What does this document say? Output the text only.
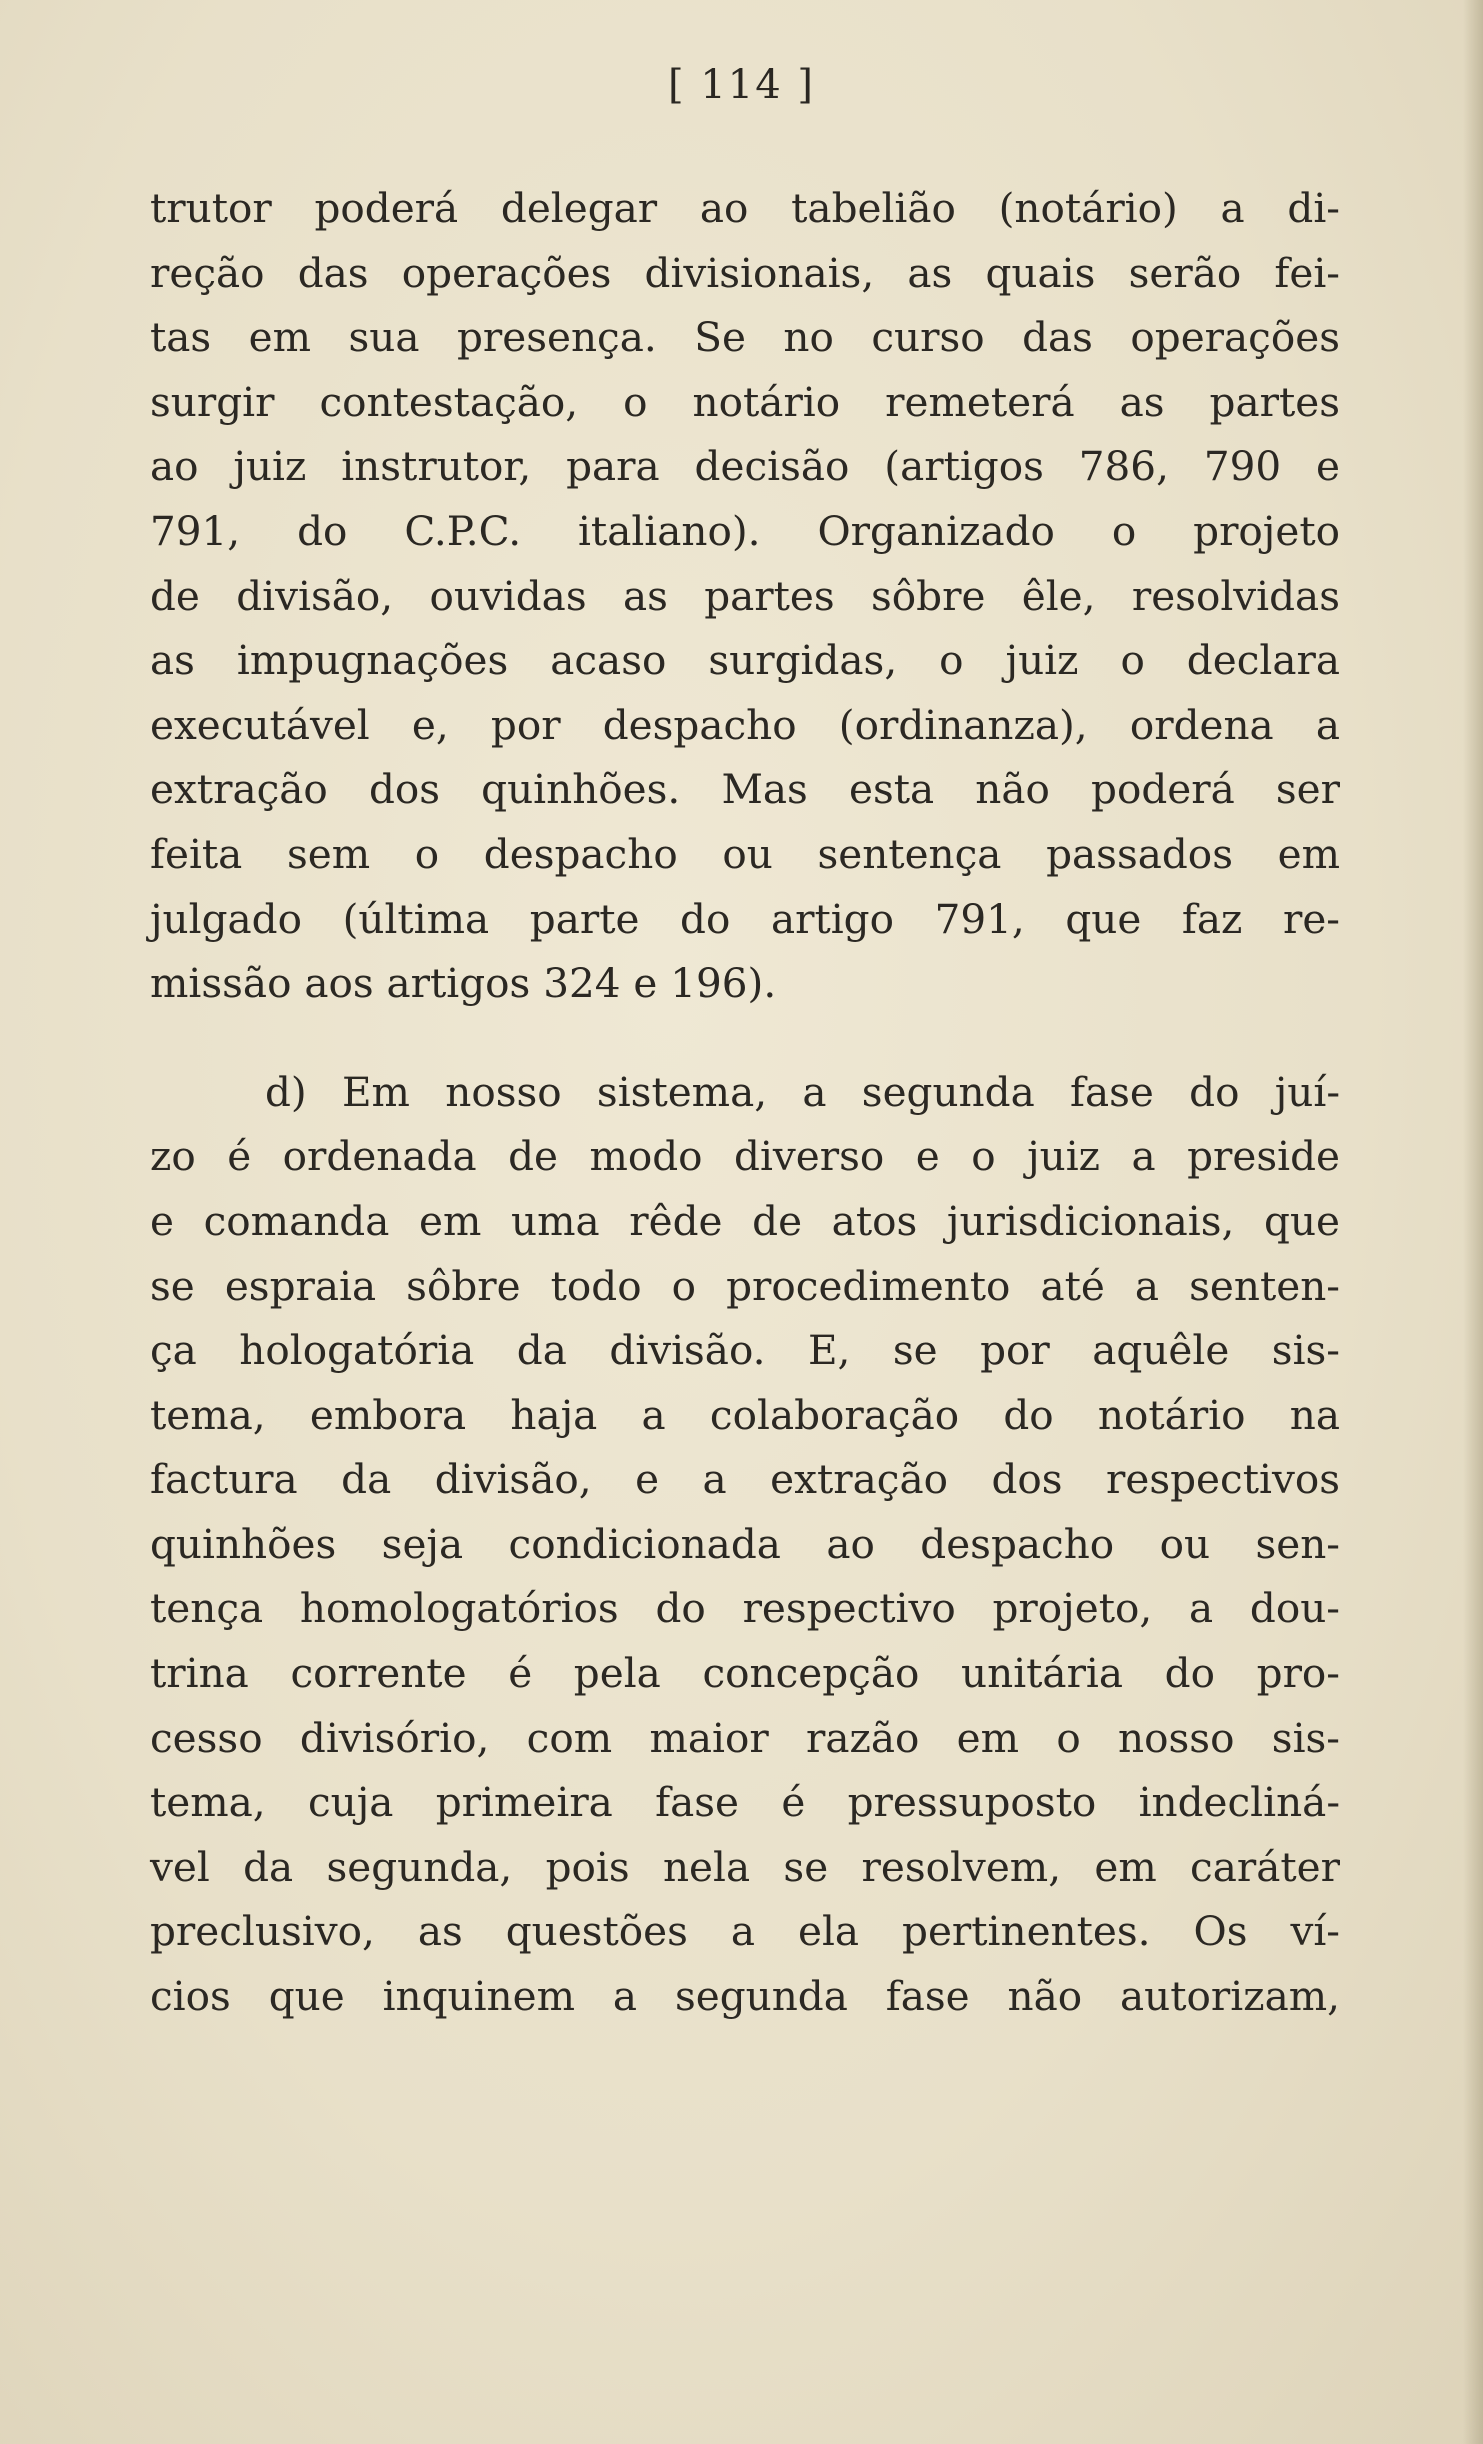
[ 114 ]
trutor poderá delegar ao tabelião (notário) a di-
reção das operações divisionais, as quais serão fei-
tas em sua presença. Se no curso das operações
surgir contestação, o notário remeterá as partes
ao juiz instrutor, para decisão (artigos 786, 790 e
791, do C.P.C. italiano). Organizado o projeto
de divisão, ouvidas as partes sôbre êle, resolvidas
as impugnações acaso surgidas, o juiz o declara
executável e, por despacho (ordinanza), ordena a
extração dos quinhões. Mas esta não poderá ser
feita sem o despacho ou sentença passados em
julgado (última parte do artigo 791, que faz re-
missão aos artigos 324 e 196).
d) Em nosso sistema, a segunda fase do juí-
zo é ordenada de modo diverso e o juiz a preside
e comanda em uma rêde de atos jurisdicionais, que
se espraia sôbre todo o procedimento até a senten-
ça hologatória da divisão. E, se por aquêle sis-
tema, embora haja a colaboração do notário na
factura da divisão, e a extração dos respectivos
quinhões seja condicionada ao despacho ou sen-
tença homologatórios do respectivo projeto, a dou-
trina corrente é pela concepção unitária do pro-
cesso divisório, com maior razão em o nosso sis-
tema, cuja primeira fase é pressuposto indecliná-
vel da segunda, pois nela se resolvem, em caráter
preclusivo, as questões a ela pertinentes. Os ví-
cios que inquinem a segunda fase não autorizam,
